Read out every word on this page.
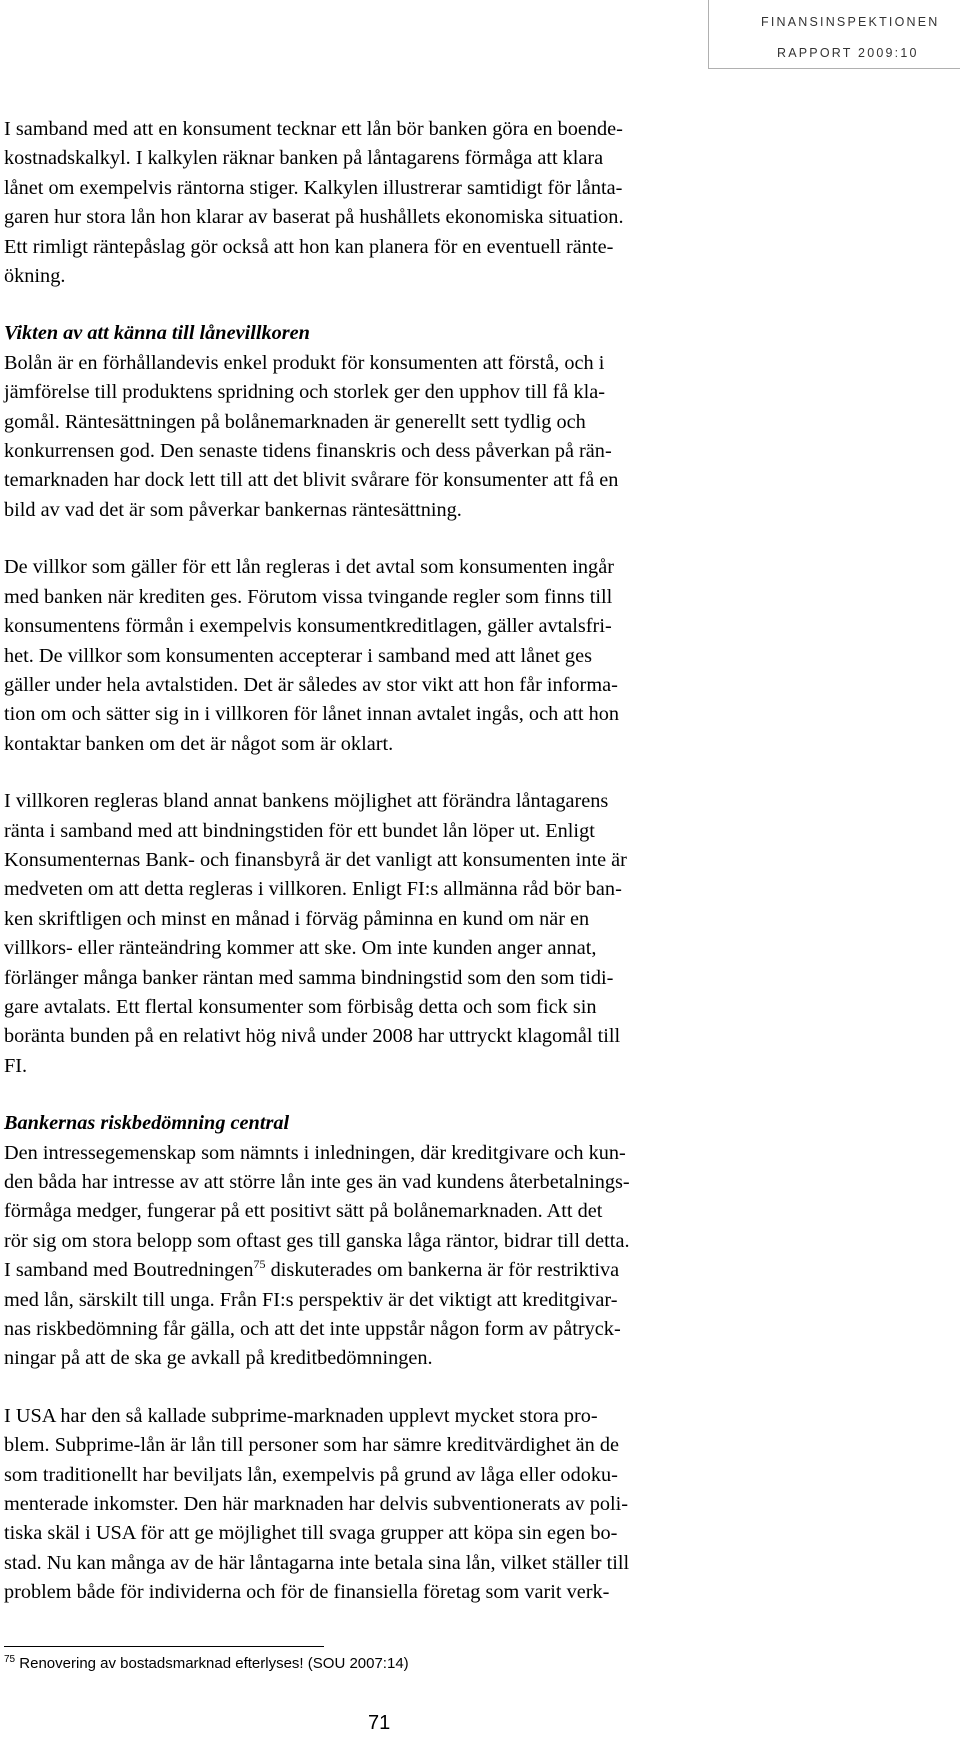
FINANSINSPEKTIONEN
RAPPORT 2009:10

I samband med att en konsument tecknar ett lån bör banken göra en boende-

kostnadskalkyl. I kalkylen räknar banken på låntagarens förmåga att klara

lånet om exempelvis räntorna stiger. Kalkylen illustrerar samtidigt för lånta-

garen hur stora lån hon klarar av baserat på hushållets ekonomiska situation.

Ett rimligt räntepåslag gör också att hon kan planera för en eventuell ränte-

ökning.

Vikten av att känna till lånevillkoren

Bolån är en förhållandevis enkel produkt för konsumenten att förstå, och i

jämförelse till produktens spridning och storlek ger den upphov till få kla-

gomål. Räntesättningen på bolånemarknaden är generellt sett tydlig och

konkurrensen god. Den senaste tidens finanskris och dess påverkan på rän-

temarknaden har dock lett till att det blivit svårare för konsumenter att få en

bild av vad det är som påverkar bankernas räntesättning.

De villkor som gäller för ett lån regleras i det avtal som konsumenten ingår

med banken när krediten ges. Förutom vissa tvingande regler som finns till

konsumentens förmån i exempelvis konsumentkreditlagen, gäller avtalsfri-

het. De villkor som konsumenten accepterar i samband med att lånet ges

gäller under hela avtalstiden. Det är således av stor vikt att hon får informa-

tion om och sätter sig in i villkoren för lånet innan avtalet ingås, och att hon

kontaktar banken om det är något som är oklart.

I villkoren regleras bland annat bankens möjlighet att förändra låntagarens

ränta i samband med att bindningstiden för ett bundet lån löper ut. Enligt

Konsumenternas Bank- och finansbyrå är det vanligt att konsumenten inte är

medveten om att detta regleras i villkoren. Enligt FI:s allmänna råd bör ban-

ken skriftligen och minst en månad i förväg påminna en kund om när en

villkors- eller ränteändring kommer att ske. Om inte kunden anger annat,

förlänger många banker räntan med samma bindningstid som den som tidi-

gare avtalats. Ett flertal konsumenter som förbisåg detta och som fick sin

boränta bunden på en relativt hög nivå under 2008 har uttryckt klagomål till

FI.

Bankernas riskbedömning central

Den intressegemenskap som nämnts i inledningen, där kreditgivare och kun-

den båda har intresse av att större lån inte ges än vad kundens återbetalnings-

förmåga medger, fungerar på ett positivt sätt på bolånemarknaden. Att det

rör sig om stora belopp som oftast ges till ganska låga räntor, bidrar till detta.

I samband med Boutredningen$^{75}$ diskuterades om bankerna är för restriktiva

med lån, särskilt till unga. Från FI:s perspektiv är det viktigt att kreditgivar-

nas riskbedömning får gälla, och att det inte uppstår någon form av påtryck-

ningar på att de ska ge avkall på kreditbedömningen.

I USA har den så kallade subprime-marknaden upplevt mycket stora pro-

blem. Subprime-lån är lån till personer som har sämre kreditvärdighet än de

som traditionellt har beviljats lån, exempelvis på grund av låga eller odoku-

menterade inkomster. Den här marknaden har delvis subventionerats av poli-

tiska skäl i USA för att ge möjlighet till svaga grupper att köpa sin egen bo-

stad. Nu kan många av de här låntagarna inte betala sina lån, vilket ställer till

problem både för individerna och för de finansiella företag som varit verk-

$^{75}$ Renovering av bostadsmarknad efterlyses! (SOU 2007:14)
71
